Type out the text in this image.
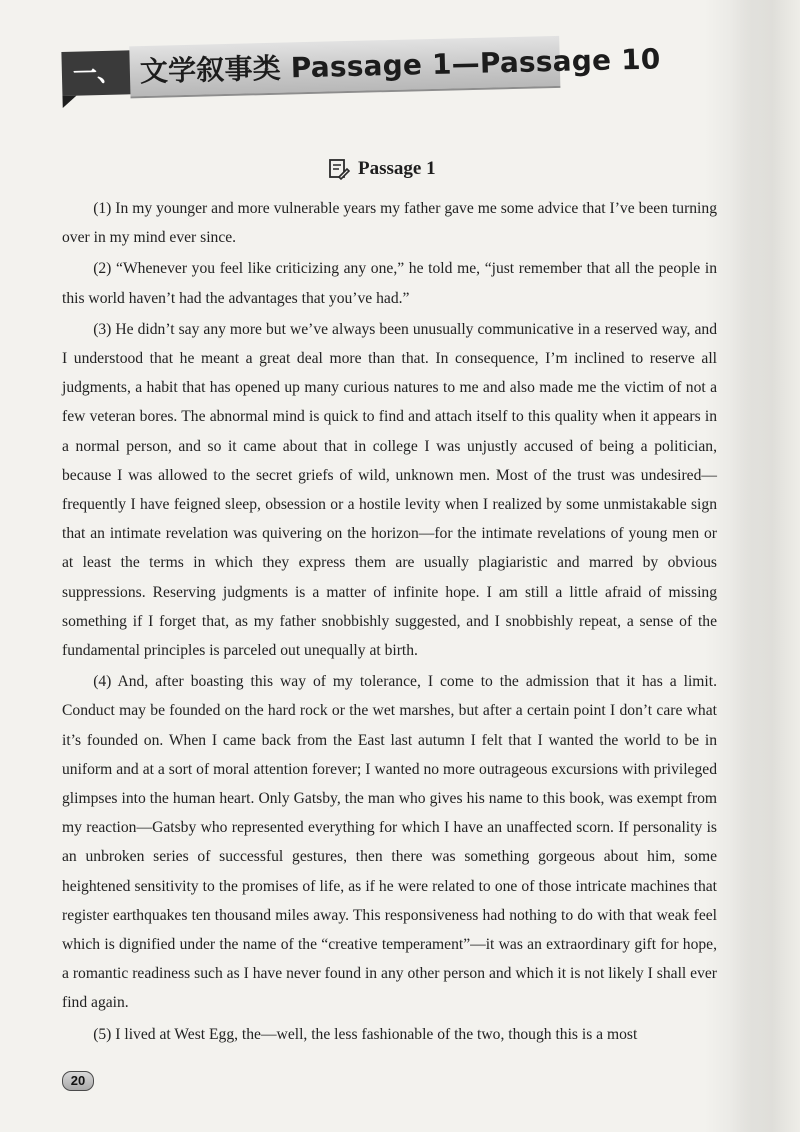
一、 文学叙事类 Passage 1—Passage 10
Passage 1

(1) In my younger and more vulnerable years my father gave me some advice that I’ve been turning over in my mind ever since.

(2) “Whenever you feel like criticizing any one,” he told me, “just remember that all the people in this world haven’t had the advantages that you’ve had.”

(3) He didn’t say any more but we’ve always been unusually communicative in a reserved way, and I understood that he meant a great deal more than that. In consequence, I’m inclined to reserve all judgments, a habit that has opened up many curious natures to me and also made me the victim of not a few veteran bores. The abnormal mind is quick to find and attach itself to this quality when it appears in a normal person, and so it came about that in college I was unjustly accused of being a politician, because I was allowed to the secret griefs of wild, unknown men. Most of the trust was undesired—frequently I have feigned sleep, obsession or a hostile levity when I realized by some unmistakable sign that an intimate revelation was quivering on the horizon—for the intimate revelations of young men or at least the terms in which they express them are usually plagiaristic and marred by obvious suppressions. Reserving judgments is a matter of infinite hope. I am still a little afraid of missing something if I forget that, as my father snobbishly suggested, and I snobbishly repeat, a sense of the fundamental principles is parceled out unequally at birth.

(4) And, after boasting this way of my tolerance, I come to the admission that it has a limit. Conduct may be founded on the hard rock or the wet marshes, but after a certain point I don’t care what it’s founded on. When I came back from the East last autumn I felt that I wanted the world to be in uniform and at a sort of moral attention forever; I wanted no more outrageous excursions with privileged glimpses into the human heart. Only Gatsby, the man who gives his name to this book, was exempt from my reaction—Gatsby who represented everything for which I have an unaffected scorn. If personality is an unbroken series of successful gestures, then there was something gorgeous about him, some heightened sensitivity to the promises of life, as if he were related to one of those intricate machines that register earthquakes ten thousand miles away. This responsiveness had nothing to do with that weak feel which is dignified under the name of the “creative temperament”—it was an extraordinary gift for hope, a romantic readiness such as I have never found in any other person and which it is not likely I shall ever find again.

(5) I lived at West Egg, the—well, the less fashionable of the two, though this is a most

20
